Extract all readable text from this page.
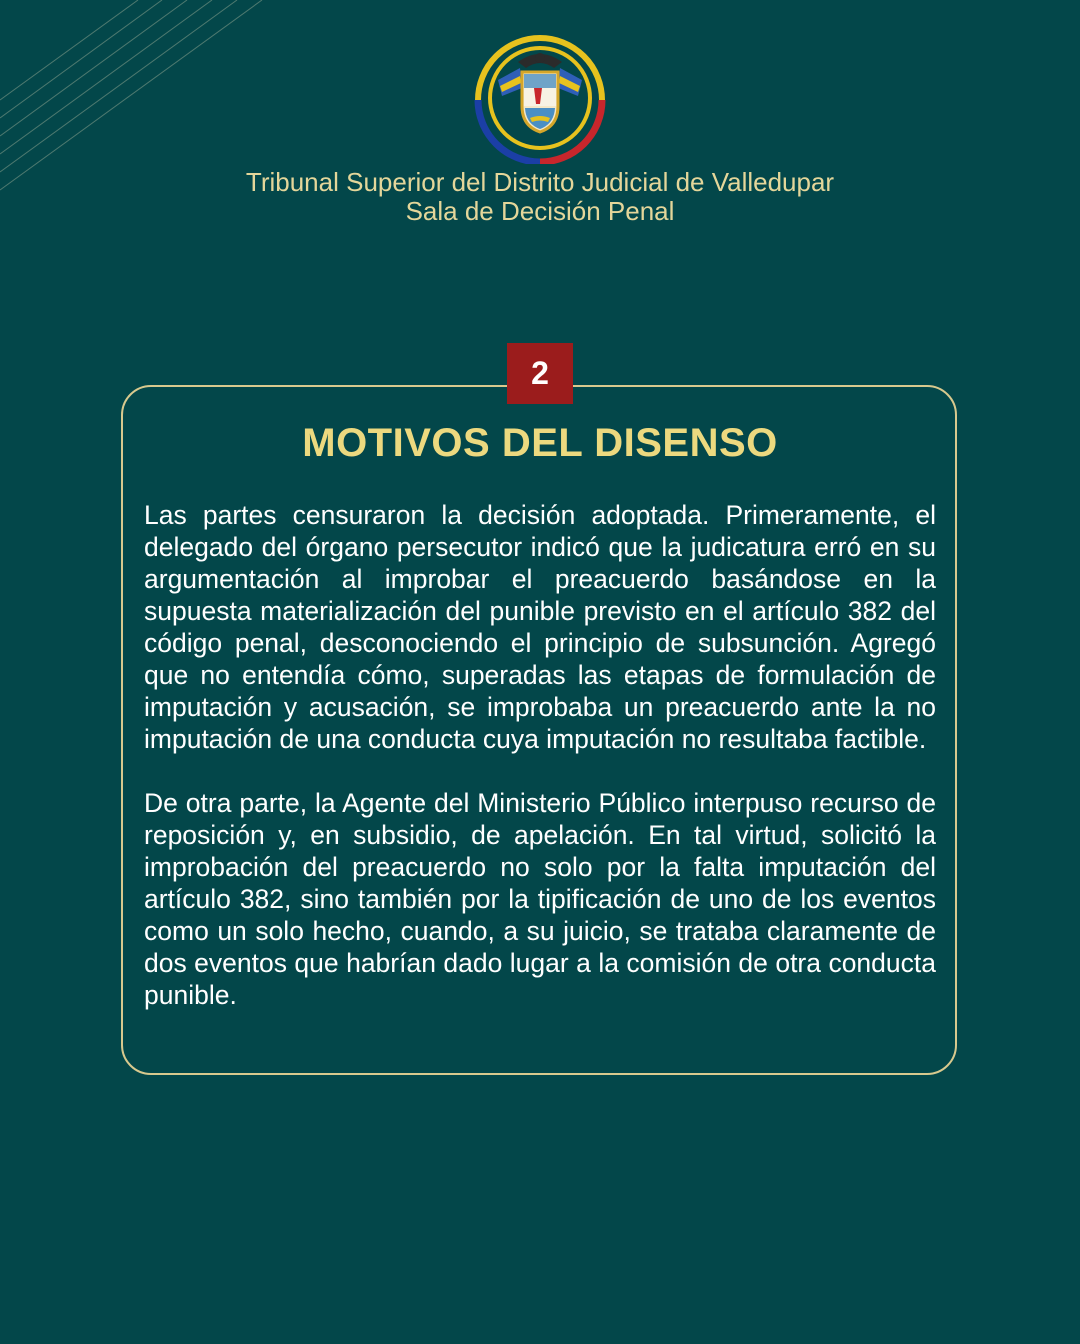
Tribunal Superior del Distrito Judicial de Valledupar
Sala de Decisión Penal
2
MOTIVOS DEL DISENSO
Las partes censuraron la decisión adoptada. Primeramente, el delegado del órgano persecutor indicó que la judicatura erró en su argumentación al improbar el preacuerdo basándose en la supuesta materialización del punible previsto en el artículo 382 del código penal, desconociendo el principio de subsunción. Agregó que no entendía cómo, superadas las etapas de formulación de imputación y acusación, se improbaba un preacuerdo ante la no imputación de una conducta cuya imputación no resultaba factible.
De otra parte, la Agente del Ministerio Público interpuso recurso de reposición y, en subsidio, de apelación. En tal virtud, solicitó la improbación del preacuerdo no solo por la falta imputación del artículo 382, sino también por la tipificación de uno de los eventos como un solo hecho, cuando, a su juicio, se trataba claramente de dos eventos que habrían dado lugar a la comisión de otra conducta punible.
